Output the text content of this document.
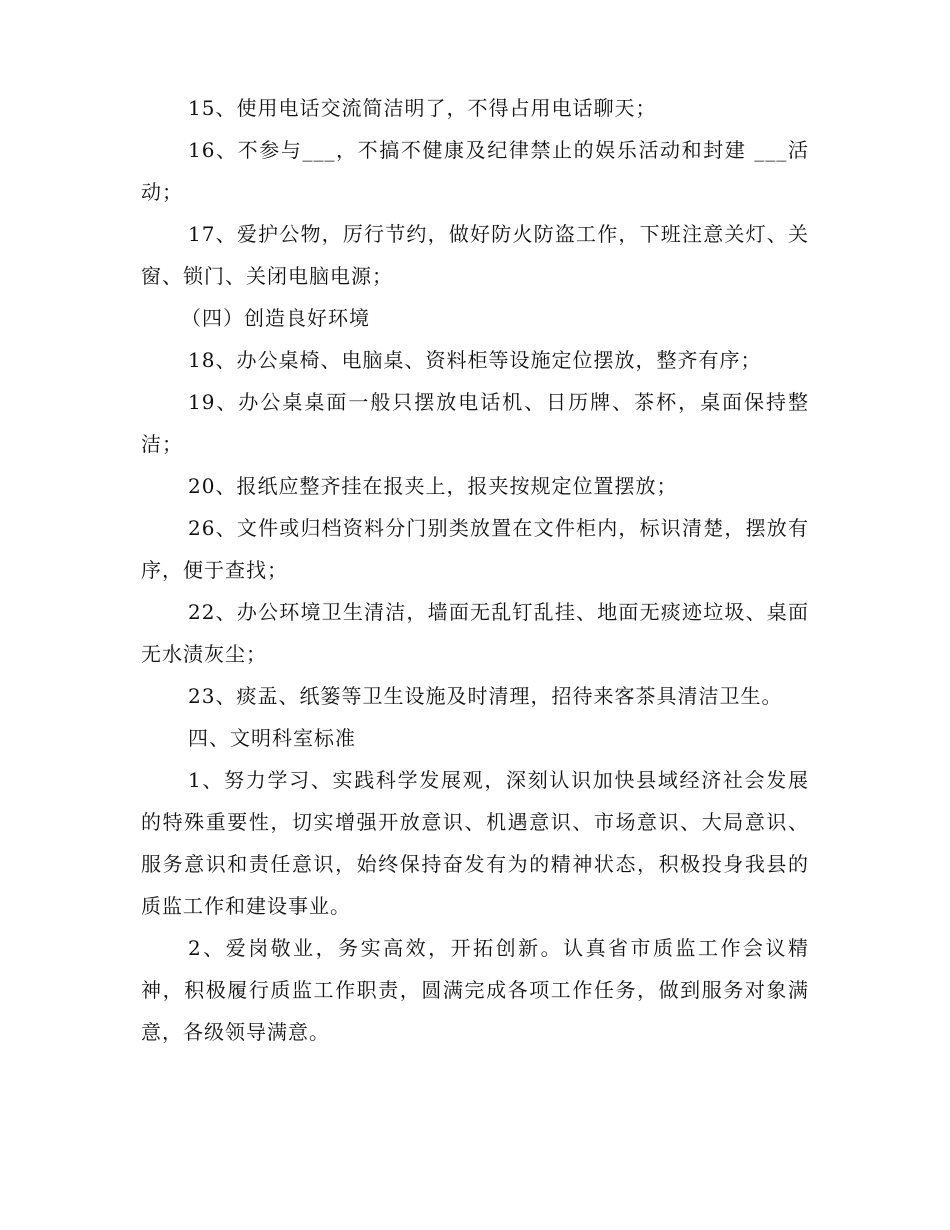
15、使用电话交流简洁明了，不得占用电话聊天；

16、不参与___，不搞不健康及纪律禁止的娱乐活动和封建 ___活动；

17、爱护公物，厉行节约，做好防火防盗工作，下班注意关灯、关窗、锁门、关闭电脑电源；

（四）创造良好环境

18、办公桌椅、电脑桌、资料柜等设施定位摆放，整齐有序；

19、办公桌桌面一般只摆放电话机、日历牌、茶杯，桌面保持整洁；

20、报纸应整齐挂在报夹上，报夹按规定位置摆放；

26、文件或归档资料分门别类放置在文件柜内，标识清楚，摆放有序，便于查找；

22、办公环境卫生清洁，墙面无乱钉乱挂、地面无痰迹垃圾、桌面无水渍灰尘；

23、痰盂、纸篓等卫生设施及时清理，招待来客茶具清洁卫生。

四、文明科室标准

1、努力学习、实践科学发展观，深刻认识加快县域经济社会发展的特殊重要性，切实增强开放意识、机遇意识、市场意识、大局意识、服务意识和责任意识，始终保持奋发有为的精神状态，积极投身我县的质监工作和建设事业。

2、爱岗敬业，务实高效，开拓创新。认真省市质监工作会议精神，积极履行质监工作职责，圆满完成各项工作任务，做到服务对象满意，各级领导满意。
